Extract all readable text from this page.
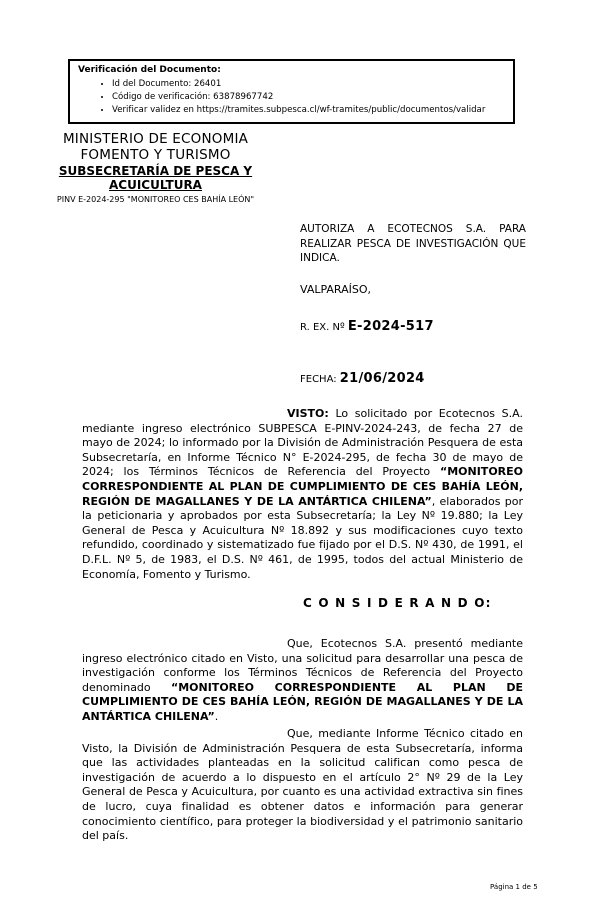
Verificación del Documento:
• Id del Documento: 26401
• Código de verificación: 63878967742
• Verificar validez en https://tramites.subpesca.cl/wf-tramites/public/documentos/validar
MINISTERIO DE ECONOMIA
FOMENTO Y TURISMO
SUBSECRETARÍA DE PESCA Y ACUICULTURA
PINV E-2024-295 "MONITOREO CES BAHÍA LEÓN"
AUTORIZA A ECOTECNOS S.A. PARA REALIZAR PESCA DE INVESTIGACIÓN QUE INDICA.
VALPARAÍSO,
R. EX. Nº E-2024-517
FECHA: 21/06/2024

VISTO: Lo solicitado por Ecotecnos S.A. mediante ingreso electrónico SUBPESCA E-PINV-2024-243, de fecha 27 de mayo de 2024; lo informado por la División de Administración Pesquera de esta Subsecretaría, en Informe Técnico N° E-2024-295, de fecha 30 de mayo de 2024; los Términos Técnicos de Referencia del Proyecto “MONITOREO CORRESPONDIENTE AL PLAN DE CUMPLIMIENTO DE CES BAHÍA LEÓN, REGIÓN DE MAGALLANES Y DE LA ANTÁRTICA CHILENA”, elaborados por la peticionaria y aprobados por esta Subsecretaría; la Ley Nº 19.880; la Ley General de Pesca y Acuicultura Nº 18.892 y sus modificaciones cuyo texto refundido, coordinado y sistematizado fue fijado por el D.S. Nº 430, de 1991, el D.F.L. Nº 5, de 1983, el D.S. Nº 461, de 1995, todos del actual Ministerio de Economía, Fomento y Turismo.

C O N S I D E R A N D O:

Que, Ecotecnos S.A. presentó mediante ingreso electrónico citado en Visto, una solicitud para desarrollar una pesca de investigación conforme los Términos Técnicos de Referencia del Proyecto denominado “MONITOREO CORRESPONDIENTE AL PLAN DE CUMPLIMIENTO DE CES BAHÍA LEÓN, REGIÓN DE MAGALLANES Y DE LA ANTÁRTICA CHILENA”.

Que, mediante Informe Técnico citado en Visto, la División de Administración Pesquera de esta Subsecretaría, informa que las actividades planteadas en la solicitud califican como pesca de investigación de acuerdo a lo dispuesto en el artículo 2° Nº 29 de la Ley General de Pesca y Acuicultura, por cuanto es una actividad extractiva sin fines de lucro, cuya finalidad es obtener datos e información para generar conocimiento científico, para proteger la biodiversidad y el patrimonio sanitario del país.

Página 1 de 5
